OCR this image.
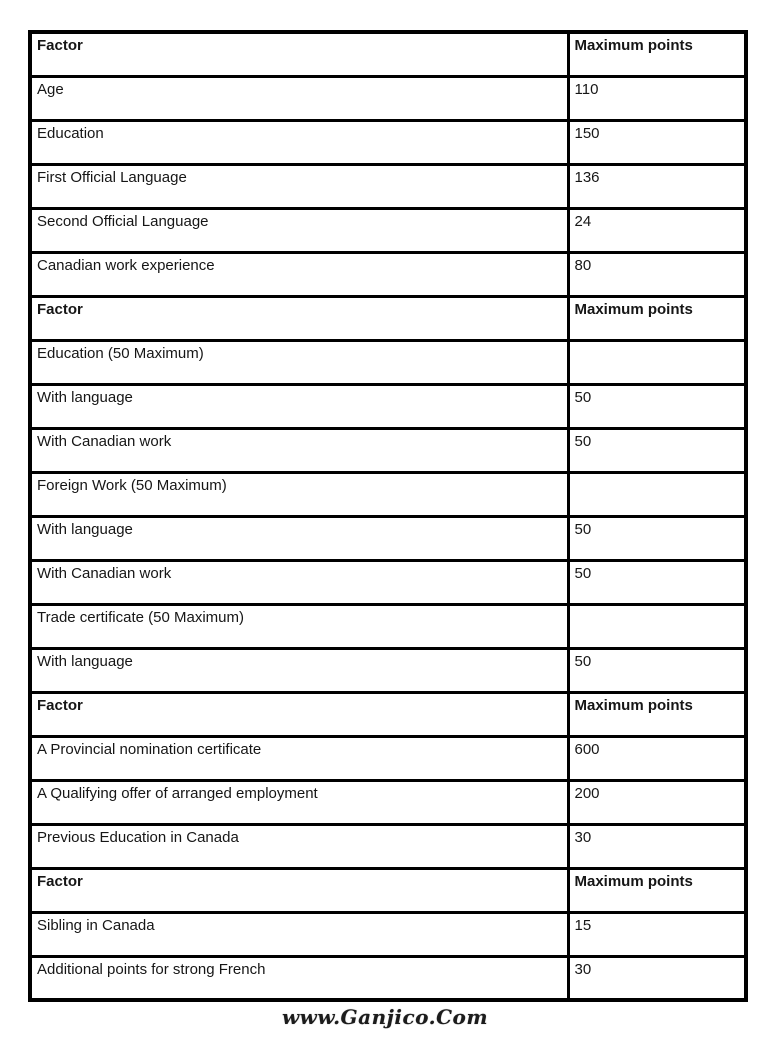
Factor	Maximum points
Age	110
Education	150
First Official Language	136
Second Official Language	24
Canadian work experience	80
Factor	Maximum points
Education (50 Maximum)	
With language	50
With Canadian work	50
Foreign Work (50 Maximum)	
With language	50
With Canadian work	50
Trade certificate (50 Maximum)	
With language	50
Factor	Maximum points
A Provincial nomination certificate	600
A Qualifying offer of arranged employment	200
Previous Education in Canada	30
Factor	Maximum points
Sibling in Canada	15
Additional points for strong French	30
www.Ganjico.Com
